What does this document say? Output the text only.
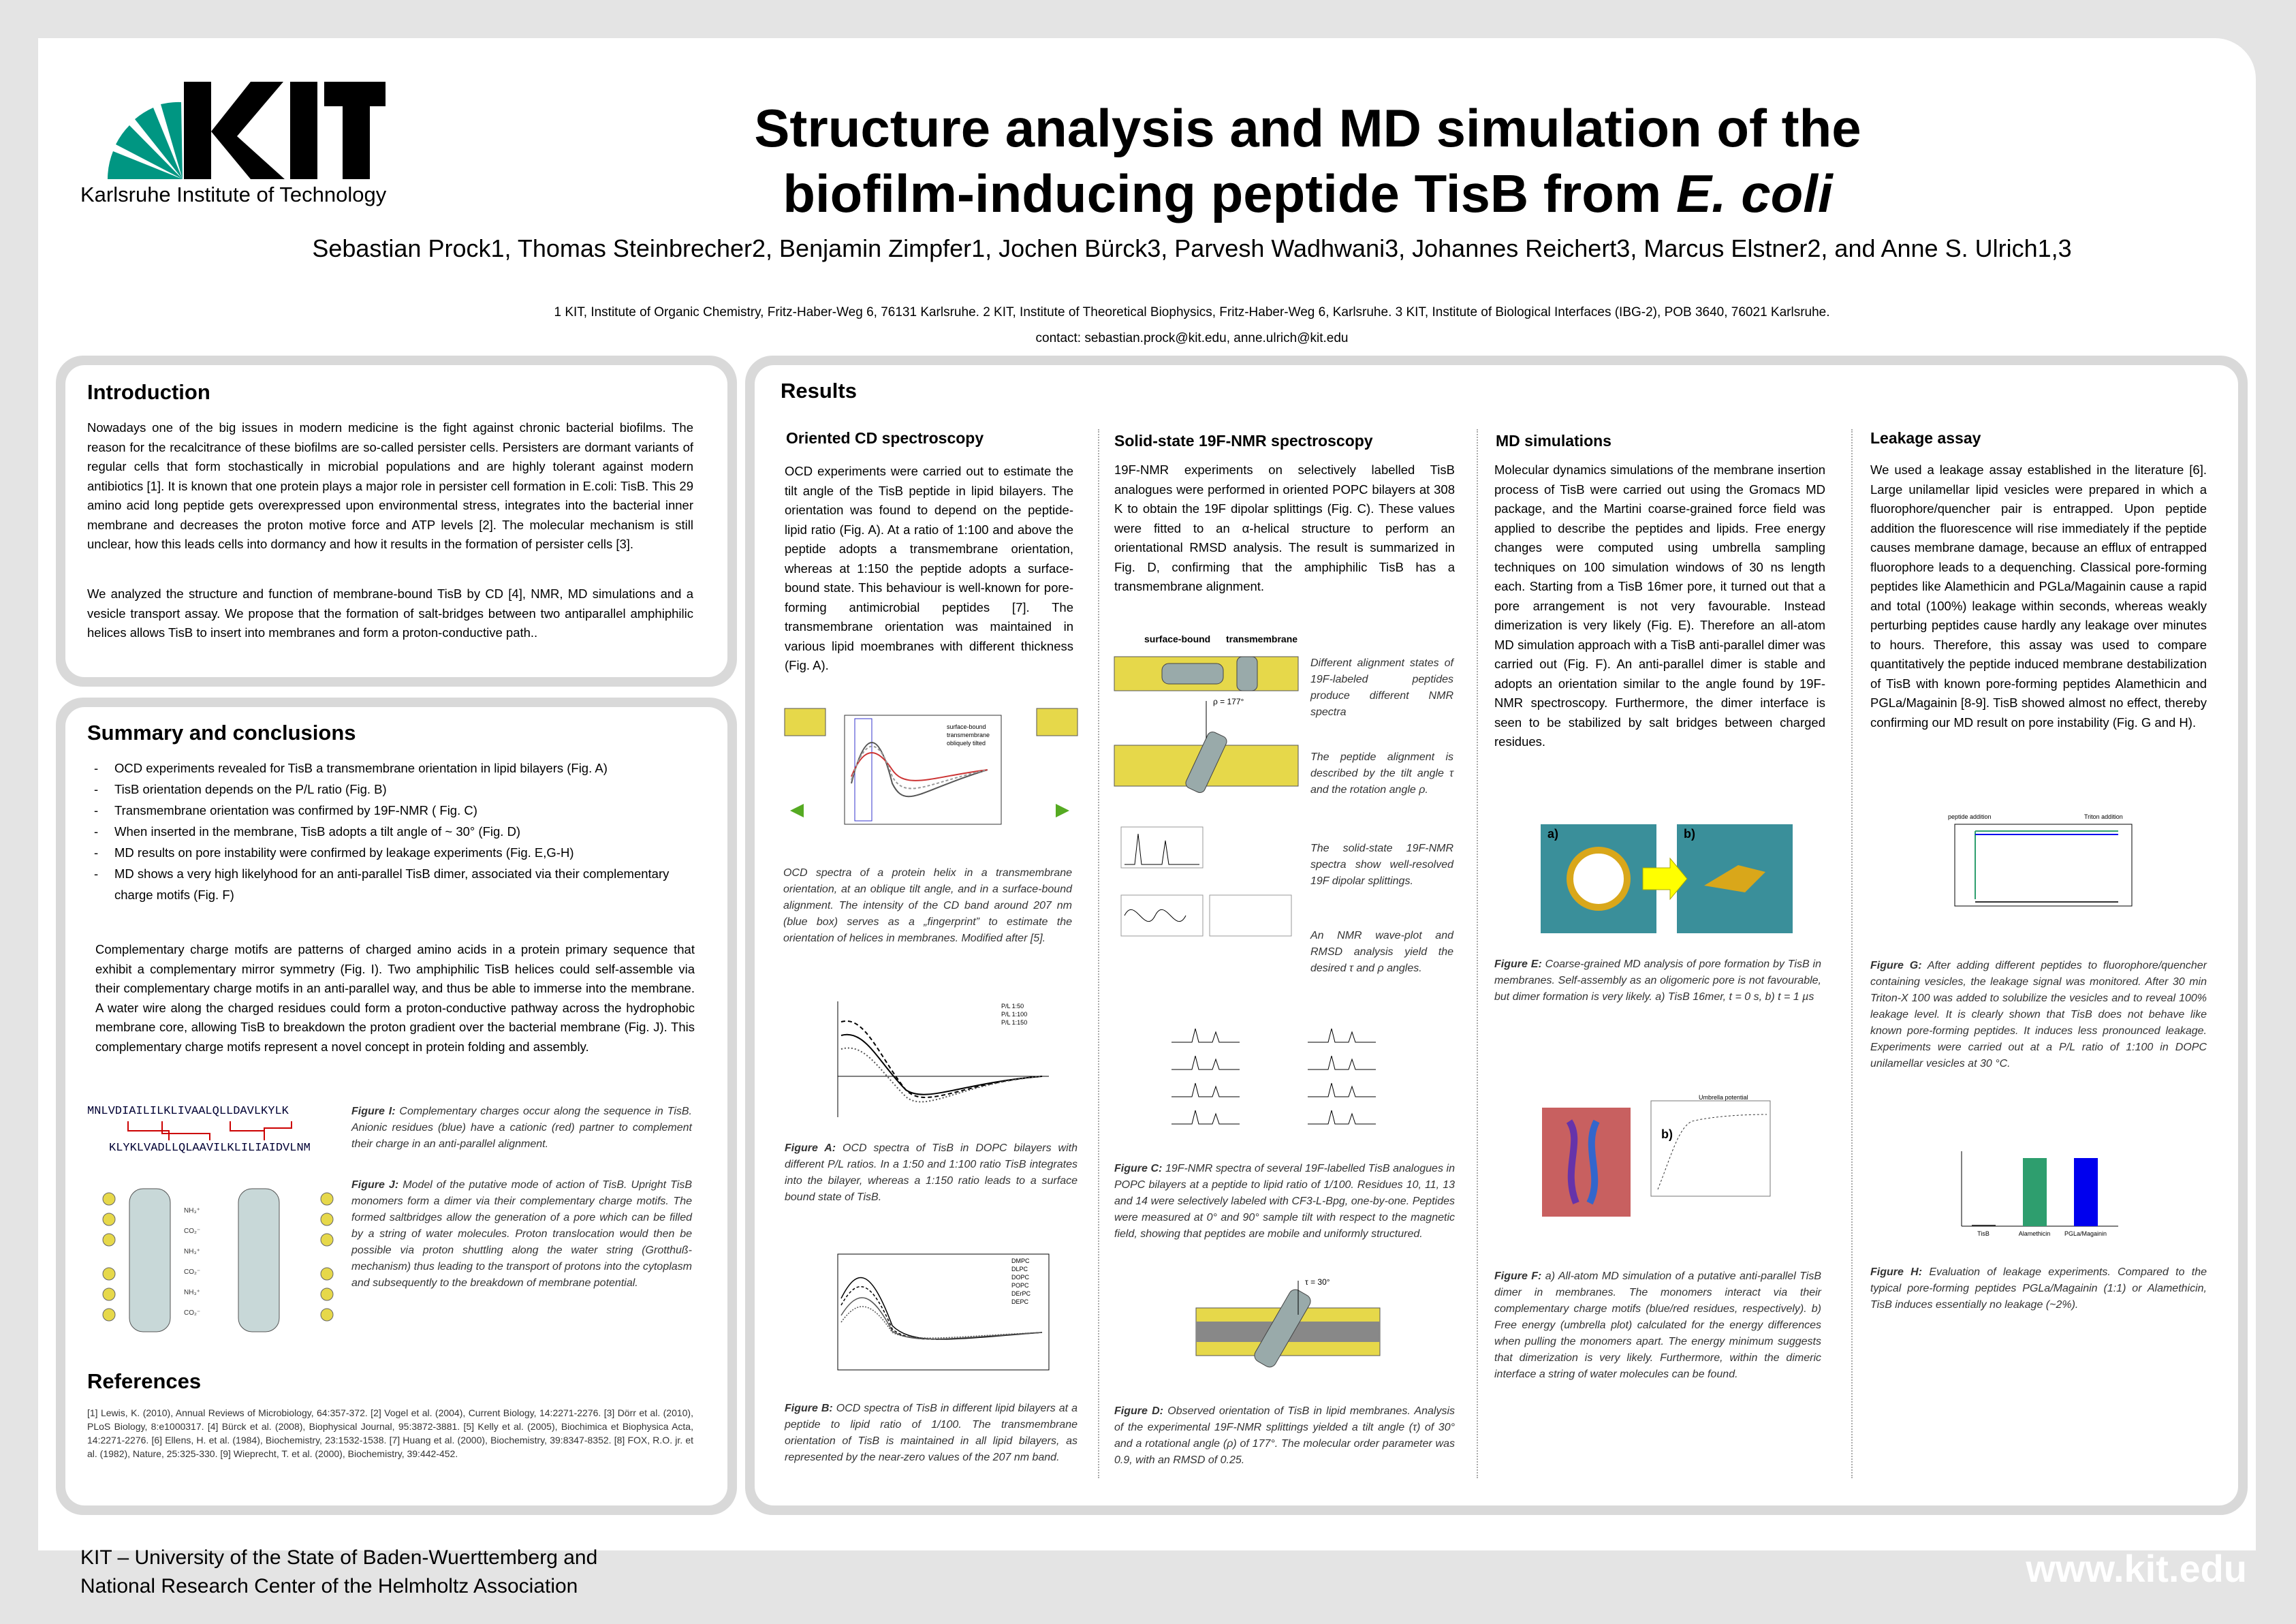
Karlsruhe Institute of Technology
Structure analysis and MD simulation of the
biofilm-inducing peptide TisB from E. coli
Sebastian Prock1, Thomas Steinbrecher2, Benjamin Zimpfer1, Jochen Bürck3, Parvesh Wadhwani3, Johannes Reichert3, Marcus Elstner2, and Anne S. Ulrich1,3
1 KIT, Institute of Organic Chemistry, Fritz-Haber-Weg 6, 76131 Karlsruhe. 2 KIT, Institute of Theoretical Biophysics, Fritz-Haber-Weg 6, Karlsruhe. 3 KIT, Institute of Biological Interfaces (IBG-2), POB 3640, 76021 Karlsruhe.
contact: sebastian.prock@kit.edu, anne.ulrich@kit.edu
Introduction
Nowadays one of the big issues in modern medicine is the fight against chronic bacterial biofilms. The reason for the recalcitrance of these biofilms are so-called persister cells. Persisters are dormant variants of regular cells that form stochastically in microbial populations and are highly tolerant against modern antibiotics [1]. It is known that one protein plays a major role in persister cell formation in E.coli: TisB. This 29 amino acid long peptide gets overexpressed upon environmental stress, integrates into the bacterial inner membrane and decreases the proton motive force and ATP levels [2]. The molecular mechanism is still unclear, how this leads cells into dormancy and how it results in the formation of persister cells [3].
We analyzed the structure and function of membrane-bound TisB by CD [4], NMR, MD simulations and a vesicle transport assay. We propose that the formation of salt-bridges between two antiparallel amphiphilic helices allows TisB to insert into membranes and form a proton-conductive path..
Summary and conclusions
- OCD experiments revealed for TisB a transmembrane orientation in lipid bilayers (Fig. A)
- TisB orientation depends on the P/L ratio (Fig. B)
- Transmembrane orientation was confirmed by 19F-NMR ( Fig. C)
- When inserted in the membrane, TisB adopts a tilt angle of ~ 30° (Fig. D)
- MD results on pore instability were confirmed by leakage experiments (Fig. E,G-H)
- MD shows a very high likelyhood for an anti-parallel TisB dimer, associated via their complementary charge motifs (Fig. F)
Complementary charge motifs are patterns of charged amino acids in a protein primary sequence that exhibit a complementary mirror symmetry (Fig. I). Two amphiphilic TisB helices could self-assemble via their complementary charge motifs in an anti-parallel way, and thus be able to immerse into the membrane. A water wire along the charged residues could form a proton-conductive pathway across the hydrophobic membrane core, allowing TisB to breakdown the proton gradient over the bacterial membrane (Fig. J). This complementary charge motifs represent a novel concept in protein folding and assembly.
MNLVDIAILILKLIVAALQLLDAVLKYLK
KLYKLVADLLQLAAVILKLILIAIDVLNM
Figure I: Complementary charges occur along the sequence in TisB. Anionic residues (blue) have a cationic (red) partner to complement their charge in an anti-parallel alignment.
Figure J: Model of the putative mode of action of TisB. Upright TisB monomers form a dimer via their complementary charge motifs. The formed saltbridges allow the generation of a pore which can be filled by a string of water molecules. Proton translocation would then be possible via proton shuttling along the water string (Grotthuß-mechanism) thus leading to the transport of protons into the cytoplasm and subsequently to the breakdown of membrane potential.
NH₃⁺
CO₂⁻
NH₃⁺
CO₂⁻
NH₃⁺
CO₂⁻
References
[1] Lewis, K. (2010), Annual Reviews of Microbiology, 64:357-372. [2] Vogel et al. (2004), Current Biology, 14:2271-2276. [3] Dörr et al. (2010), PLoS Biology, 8:e1000317. [4] Bürck et al. (2008), Biophysical Journal, 95:3872-3881. [5] Kelly et al. (2005), Biochimica et Biophysica Acta, 14:2271-2276. [6] Ellens, H. et al. (1984), Biochemistry, 23:1532-1538. [7] Huang et al. (2000), Biochemistry, 39:8347-8352. [8] FOX, R.O. jr. et al. (1982), Nature, 25:325-330. [9] Wieprecht, T. et al. (2000), Biochemistry, 39:442-452.
Results
Oriented CD spectroscopy
OCD experiments were carried out to estimate the tilt angle of the TisB peptide in lipid bilayers. The orientation was found to depend on the peptide-lipid ratio (Fig. A). At a ratio of 1:100 and above the peptide adopts a transmembrane orientation, whereas at 1:150 the peptide adopts a surface-bound state. This behaviour is well-known for pore-forming antimicrobial peptides [7]. The transmembrane orientation was maintained in various lipid moembranes with different thickness (Fig. A).
surface-bound
transmembrane
obliquely tilted
OCD spectra of a protein helix in a transmembrane orientation, at an oblique tilt angle, and in a surface-bound alignment. The intensity of the CD band around 207 nm (blue box) serves as a „fingerprint” to estimate the orientation of helices in membranes. Modified after [5].
P/L 1:50
P/L 1:100
P/L 1:150
Figure A: OCD spectra of TisB in DOPC bilayers with different P/L ratios. In a 1:50 and 1:100 ratio TisB integrates into the bilayer, whereas a 1:150 ratio leads to a surface bound state of TisB.
DMPC
DLPC
DOPC
POPC
DErPC
DEPC
Figure B: OCD spectra of TisB in different lipid bilayers at a peptide to lipid ratio of 1/100. The transmembrane orientation of TisB is maintained in all lipid bilayers, as represented by the near-zero values of the 207 nm band.
Solid-state 19F-NMR spectroscopy
19F-NMR experiments on selectively labelled TisB analogues were performed in oriented POPC bilayers at 308 K to obtain the 19F dipolar splittings (Fig. C). These values were fitted to an α-helical structure to perform an orientational RMSD analysis. The result is summarized in Fig. D, confirming that the amphiphilic TisB has a transmembrane alignment.
surface-bound transmembrane
ρ = 177°
Different alignment states of 19F-labeled peptides produce different NMR spectra
The peptide alignment is described by the tilt angle τ and the rotation angle ρ.
The solid-state 19F-NMR spectra show well-resolved 19F dipolar splittings.
An NMR wave-plot and RMSD analysis yield the desired τ and ρ angles.
Figure C: 19F-NMR spectra of several 19F-labelled TisB analogues in POPC bilayers at a peptide to lipid ratio of 1/100. Residues 10, 11, 13 and 14 were selectively labeled with CF3-L-Bpg, one-by-one. Peptides were measured at 0° and 90° sample tilt with respect to the magnetic field, showing that peptides are mobile and uniformly structured.
τ = 30°
Figure D: Observed orientation of TisB in lipid membranes. Analysis of the experimental 19F-NMR splittings yielded a tilt angle (τ) of 30° and a rotational angle (ρ) of 177°. The molecular order parameter was 0.9, with an RMSD of 0.25.
MD simulations
Molecular dynamics simulations of the membrane insertion process of TisB were carried out using the Gromacs MD package, and the Martini coarse-grained force field was applied to describe the peptides and lipids. Free energy changes were computed using umbrella sampling techniques on 100 simulation windows of 30 ns length each. Starting from a TisB 16mer pore, it turned out that a pore arrangement is not very favourable. Instead dimerization is very likely (Fig. E). Therefore an all-atom MD simulation approach with a TisB anti-parallel dimer was carried out (Fig. F). An anti-parallel dimer is stable and adopts an orientation similar to the angle found by 19F-NMR spectroscopy. Furthermore, the dimer interface is seen to be stabilized by salt bridges between charged residues.
a)	b)
Figure E: Coarse-grained MD analysis of pore formation by TisB in membranes. Self-assembly as an oligomeric pore is not favourable, but dimer formation is very likely. a) TisB 16mer, t = 0 s, b) t = 1 µs
b)
Umbrella potential
Figure F: a) All-atom MD simulation of a putative anti-parallel TisB dimer in membranes. The monomers interact via their complementary charge motifs (blue/red residues, respectively). b) Free energy (umbrella plot) calculated for the energy differences when pulling the monomers apart. The energy minimum suggests that dimerization is very likely. Furthermore, within the dimeric interface a string of water molecules can be found.
Leakage assay
We used a leakage assay established in the literature [6]. Large unilamellar lipid vesicles were prepared in which a fluorophore/quencher pair is entrapped. Upon peptide addition the fluorescence will rise immediately if the peptide causes membrane damage, because an efflux of entrapped fluorophore leads to a dequenching. Classical pore-forming peptides like Alamethicin and PGLa/Magainin cause a rapid and total (100%) leakage within seconds, whereas weakly perturbing peptides cause hardly any leakage over minutes to hours. Therefore, this assay was used to compare quantitatively the peptide induced membrane destabilization of TisB with known pore-forming peptides Alamethicin and PGLa/Magainin [8-9]. TisB showed almost no effect, thereby confirming our MD result on pore instability (Fig. G and H).
peptide addition	Triton addition
Figure G: After adding different peptides to fluorophore/quencher containing vesicles, the leakage signal was monitored. After 30 min Triton-X 100 was added to solubilize the vesicles and to reveal 100% leakage level. It is clearly shown that TisB does not behave like known pore-forming peptides. It induces less pronounced leakage. Experiments were carried out at a P/L ratio of 1:100 in DOPC unilamellar vesicles at 30 °C.
TisB	Alamethicin PGLa/Magainin
Figure H: Evaluation of leakage experiments. Compared to the typical pore-forming peptides PGLa/Magainin (1:1) or Alamethicin, TisB induces essentially no leakage (~2%).
KIT – University of the State of Baden-Wuerttemberg and
National Research Center of the Helmholtz Association	www.kit.edu
